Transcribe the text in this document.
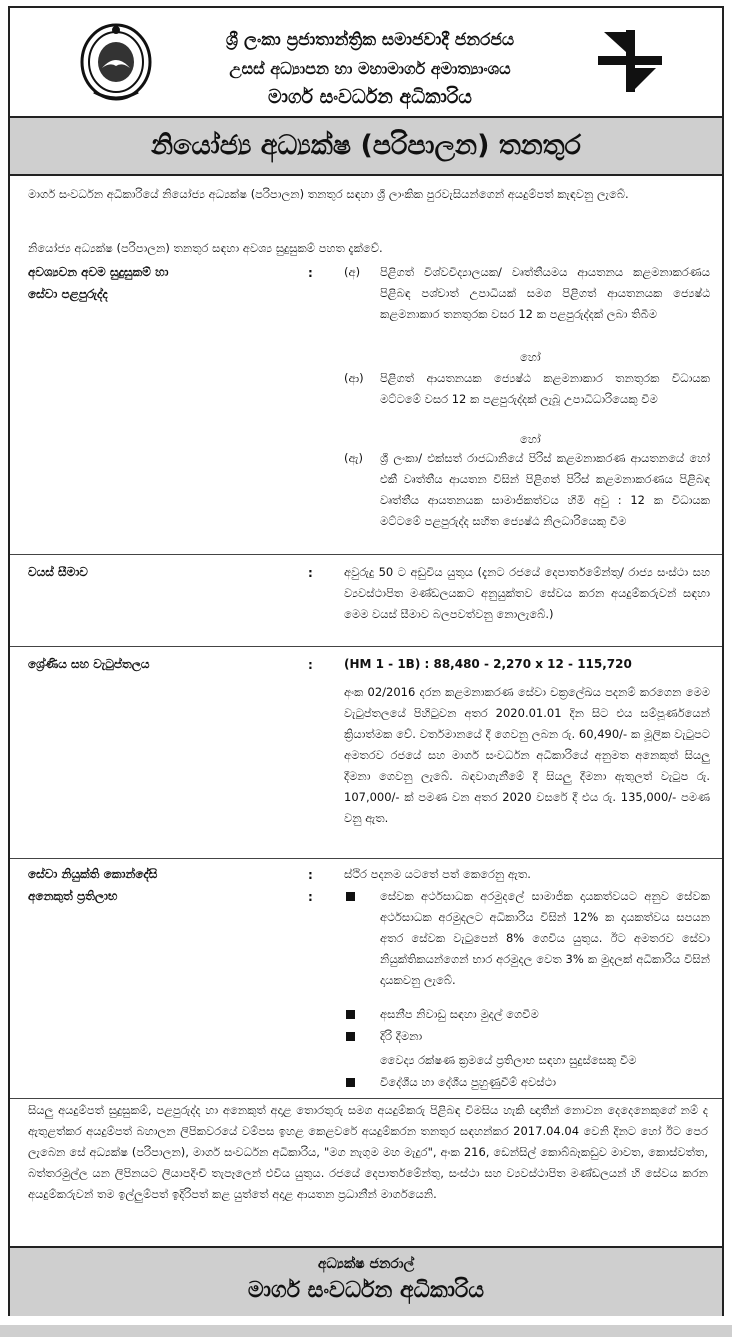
ශ්‍රී ලංකා ප්‍රජාතාන්ත්‍රික සමාජවාදී ජනරජය
උසස් අධ්‍යාපන හා මහාමාර්ග අමාත්‍යාංශය
මාර්ග සංවර්ධන අධිකාරිය
නියෝජ්‍ය අධ්‍යක්ෂ (පරිපාලන) තනතුර
මාර්ග සංවර්ධන අධිකාරියේ නියෝජ්‍ය අධ්‍යක්ෂ (පරිපාලන) තනතුර සඳහා ශ්‍රී ලාංකික පුරවැසියන්ගෙන් අයදුම්පත් කැඳවනු ලැබේ.
නියෝජ්‍ය අධ්‍යක්ෂ (පරිපාලන) තනතුර සඳහා අවශ්‍ය සුදුසුකම් පහත දැක්වේ.
අවශ්‍යවන අවම සුදුසුකම් හා
සේවා පළපුරුද්ද
:	(අ) පිළිගත් විශ්වවිද්‍යාලයක/ වෘත්තීයමය ආයතනය කළමනාකරණය පිළිබඳ පශ්චාත් උපාධියක් සමග පිළිගත් ආයතනයක ජ්‍යෙෂ්ඨ කළමනාකාර තනතුරක වසර 12 ක පළපුරුද්දක් ලබා තිබීම
හෝ
(ආ) පිළිගත් ආයතනයක ජ්‍යෙෂ්ඨ කළමනාකාර තනතුරක විධායක මට්ටමේ වසර 12 ක පළපුරුද්දක් ලැබූ උපාධිධාරියෙකු වීම
හෝ
(ඇ) ශ්‍රී ලංකා/ එක්සත් රාජධානියේ පිරිස් කළමනාකරණ ආයතනයේ හෝ එකී වෘත්තීය ආයතන විසින් පිළිගත් පිරිස් කළමනාකරණය පිළිබඳ වෘත්තීය ආයතනයක සාමාජිකත්වය හිමි අවු : 12 ක විධායක මට්ටමේ පළපුරුද්ද සහිත ජ්‍යෙෂ්ඨ නිලධාරියෙකු වීම
වයස් සීමාව	:	අවුරුදු 50 ට අඩුවිය යුතුය (දැනට රජයේ දෙපාර්තමේන්තු/ රාජ්‍ය සංස්ථා සහ ව්‍යවස්ථාපිත මණ්ඩලයකට අනුයුක්තව සේවය කරන අයදුම්කරුවන් සඳහා මෙම වයස් සීමාව බලපවත්වනු නොලැබේ.)
ශ්‍රේණිය සහ වැටුප්තලය	:	(HM 1 - 1B) : 88,480 - 2,270 x 12 - 115,720
අංක 02/2016 දරන කළමනාකරණ සේවා චක්‍රලේඛය පදනම් කරගෙන මෙම වැටුප්තලයේ පිහිටුවන අතර 2020.01.01 දින සිට එය සම්පූර්ණයෙන් ක්‍රියාත්මක වේ. වර්තමානයේ දී ගෙවනු ලබන රු. 60,490/- ක මූලික වැටුපට අමතරව රජයේ සහ මාර්ග සංවර්ධන අධිකාරියේ අනුමත අනෙකුත් සියලු දීමනා ගෙවනු ලැබේ. බඳවාගැනීමේ දී සියලු දීමනා ඇතුලත් වැටුප රු. 107,000/- ක් පමණ වන අතර 2020 වසරේ දී එය රු. 135,000/- පමණ වනු ඇත.
සේවා නියුක්ති කොන්දේසි	:	ස්ථිර පදනම යටතේ පත් කෙරෙනු ඇත.
අනෙකුත් ප්‍රතිලාභ	:	සේවක අර්ථසාධක අරමුදලේ සාමාජික දායකත්වයට අනුව සේවක අර්ථසාධක අරමුදලට අධිකාරිය විසින් 12% ක දායකත්වය සපයන අතර සේවක වැටුපෙන් 8% ගෙවිය යුතුය. ඊට අමතරව සේවා නියුක්තිකයන්ගෙන් භාර අරමුදල වෙත 3% ක මුදලක් අධිකාරිය විසින් දායකවනු ලැබේ.
අසනීප නිවාඩු සඳහා මුදල් ගෙවීම
දිරි දීමනා
වෛද්‍ය රක්ෂණ ක්‍රමයේ ප්‍රතිලාභ සඳහා සුදුස්සෙකු වීම
විදේශීය හා දේශීය පුහුණුවීම් අවස්ථා
සියලු අයදුම්පත් සුදුසුකම්, පළපුරුද්ද හා අනෙකුත් අදාළ තොරතුරු සමග අයදුම්කරු පිළිබඳ විමසිය හැකි ඥාතීන් නොවන දෙදෙනෙකුගේ නම් ද ඇතුළත්කර අයදුම්පත් බහාලන ලිපිකවරයේ වම්පස ඉහළ කෙළවරේ අයදුම්කරන තනතුර සඳහන්කර 2017.04.04 වෙනි දිනට හෝ ඊට පෙර ලැබෙන සේ අධ්‍යක්ෂ (පරිපාලන), මාර්ග සංවර්ධන අධිකාරිය, "මග නැගුම මහ මැදුර", අංක 216, ඩෙන්සිල් කොබ්බෑකඩුව මාවත, කොස්වත්ත, බත්තරමුල්ල යන ලිපිනයට ලියාපදිංචි තැපෑලෙන් එවිය යුතුය. රජයේ දෙපාර්තමේන්තු, සංස්ථා සහ ව්‍යවස්ථාපිත මණ්ඩලයන් හි සේවය කරන අයදුම්කරුවන් තම ඉල්ලුම්පත් ඉදිරිපත් කළ යුත්තේ අදාළ ආයතන ප්‍රධානීන් මාර්ගයෙනි.
අධ්‍යක්ෂ ජනරාල්
මාර්ග සංවර්ධන අධිකාරිය
